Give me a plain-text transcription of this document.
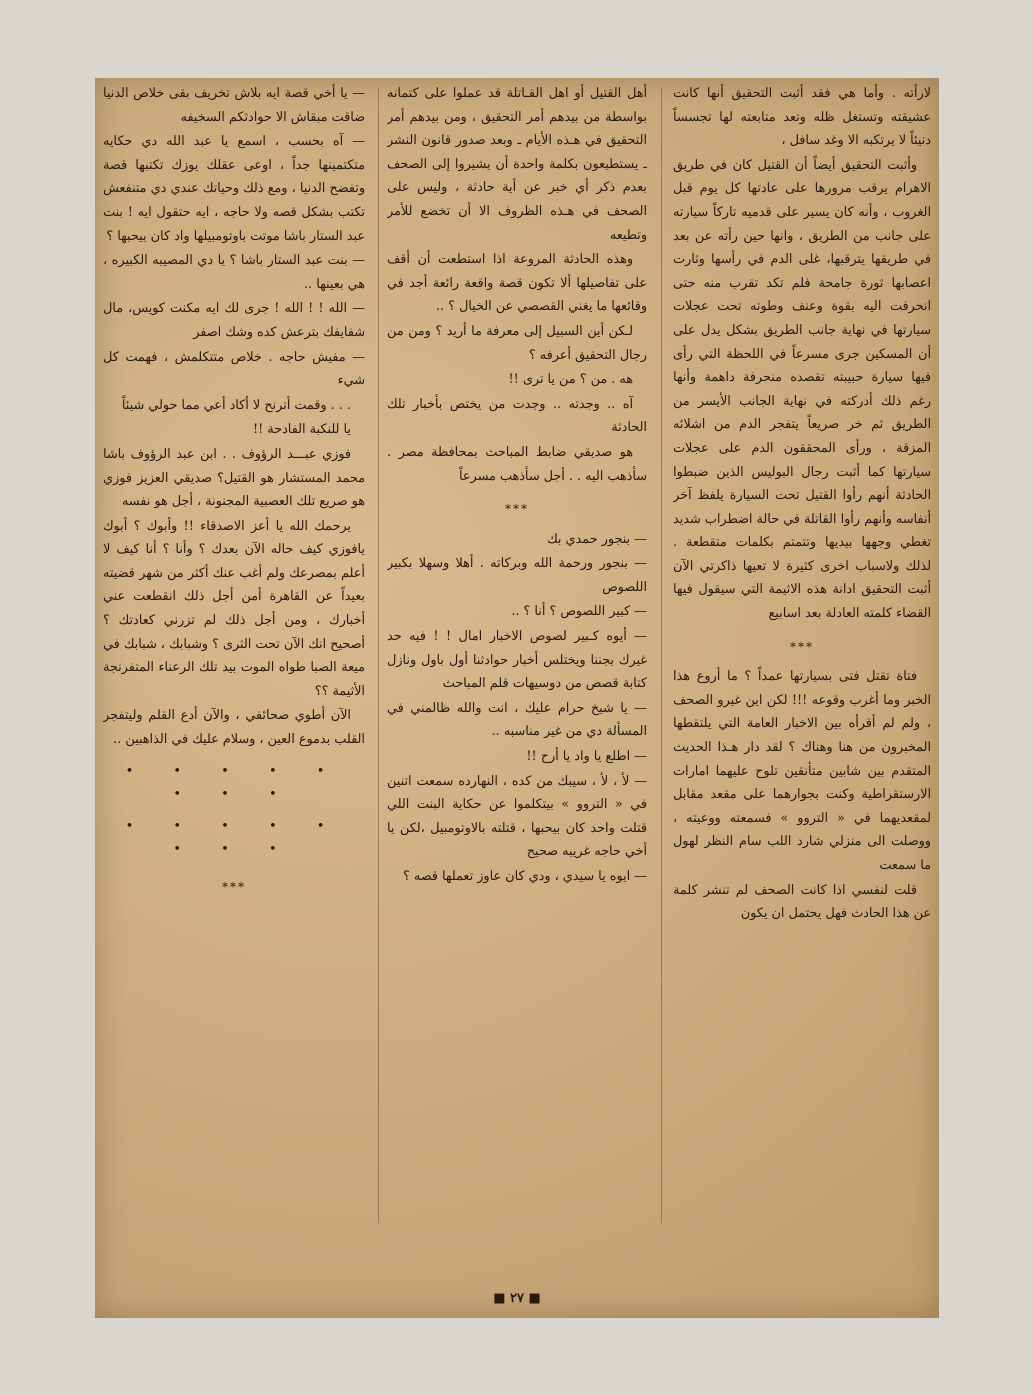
لارأته . وأما هي فقد أثبت التحقيق أنها كانت عشيقته وتستغل ظله وتعد متابعته لها تجسساً دنيئاً لا يرتكبه الا وغد سافل ،

وأثبت التحقيق أيضاً أن القتيل كان في طريق الاهرام يرقب مرورها على عادتها كل يوم قبل الغروب ، وأنه كان يسير على قدميه تاركاً سيارته على جانب من الطريق ، وانها حين رأته عن بعد في طريقها يترقبها، غلى الدم في رأسها وثارت اعصابها ثورة جامحة فلم تكد تقرب منه حتى انحرفت اليه بقوة وعنف وطوته تحت عجلات سيارتها في نهاية جانب الطريق بشكل يدل على أن المسكين جرى مسرعاً في اللحظة التي رأى فيها سيارة حبيبته تقصده منحرفة داهمة وأنها رغم ذلك أدركته في نهاية الجانب الأيسر من الطريق ثم خر صريعاً يتفجر الدم من اشلائه المزقة ، ورأى المحققون الدم على عجلات سيارتها كما أثبت رجال البوليس الذين ضبطوا الحادثة أنهم رأوا القتيل تحت السيارة يلفظ آخر أنفاسه وأنهم رأوا القاتلة في حالة اضطراب شديد تغطي وجهها بيديها وتتمتم بكلمات متقطعة . لذلك ولاسباب اخرى كثيرة لا تعيها ذاكرتي الآن أثبت التحقيق ادانة هذه الاثيمة التي سيقول فيها القضاء كلمته العادلة بعد اسابيع

***

فتاة تقتل فتى بسيارتها عمداً ؟ ما أروع هذا الخبر وما أغرب وقوعه !!! لكن اين غيرو الصحف ، ولم لم أقرأه بين الاخبار العامة التي يلتقطها المخبرون من هنا وهناك ؟ لقد دار هـذا الحديث المتقدم بين شابين متأنقين تلوح عليهما امارات الارستقراطية وكنت بجوارهما على مقعد مقابل لمقعديهما في « التروو » فسمعته ووعيته ، ووصلت الى منزلي شارد اللب سام النظر لهول ما سمعت

قلت لنفسي اذا كانت الصحف لم تنشر كلمة عن هذا الحادث فهل يحتمل ان يكون

أهل القتيل أو اهل القـاتلة قد عملوا على كتمانه بواسطة من بيدهم أمر التحقيق ، ومن بيدهم أمر التحقيق في هـذه الأيام ـ وبعد صدور قانون النشر ـ يستطيعون بكلمة واحدة أن يشيروا إلى الصحف بعدم ذكر أي خبر عن أية حادثة ، وليس على الصحف في هـذه الظروف الا أن تخضع للأمر وتطيعه

وهذه الحادثة المروعة اذا استطعت أن أقف على تفاصيلها ألا تكون قصة واقعة رائعة أجد في وقائعها ما يغني القصصي عن الخيال ؟ ..

لـكن أين السبيل إلى معرفة ما أريد ؟ ومن من رجال التحقيق أعرفه ؟

هه . من ؟ من يا ترى !!

آه .. وجدته .. وجدت من يختص بأخبار تلك الحادثة

هو صديقي ضابط المباحث بمحافظة مصر . سأذهب اليه . . أجل سأذهب مسرعاً

***

— بنجور حمدي بك

— بنجور ورحمة الله وبركاته . أهلا وسهلا بكبير اللصوص

— كبير اللصوص ؟ أنا ؟ ..

— أيوه كـبير لصوص الاخبار امال ! ! فيه حد غيرك بجننا ويختلس أخبار حوادثنا أول باول ونازل كتابة قصص من دوسيهات قلم المباحث

— يا شيخ حرام عليك ، انت والله ظالمني في المسألة دي من غير مناسبه ..

— اطلع يا واد يا أرح !!

— لأ ، لأ ، سيبك من كده ، النهارده سمعت اتنين في « التروو » بيتكلموا عن حكاية البنت اللي قتلت واحد كان بيحبها ، قتلته بالاوتومبيل ،لكن يا أخي حاجه غريبه صحيح

— ايوه يا سيدي ، ودي كان عاوز تعملها قصه ؟

— يا أخي قصة ايه بلاش تخريف بقى خلاص الدنيا ضاقت مبقاش الا حوادثكم السخيفه

— آه بحسب ، اسمع يا عبد الله دي حكايه متكتمينها جداً ، اوعى عقلك يوزك تكتبها قصة وتفضح الدنيا ، ومع ذلك وحياتك عندي دي متنفعش تكتب بشكل قصه ولا حاجه ، ايه حتقول ايه ! بنت عبد الستار باشا موتت باوتومبيلها واد كان بيحبها ؟

— بنت عبد الستار باشا ؟ يا دي المصيبه الكبيره ، هي بعينها ..

— الله ! ! الله ! جرى لك ايه مكنت كويس، مال شفايفك بترعش كده وشك اصفر

— مفيش حاجه . خلاص متتكلمش ، فهمت كل شيء

. . . وقمت أترنح لا أكاد أعي مما حولي شيئاً

يا للنكبة الفادحة !!

فوزي عبـــد الرؤوف . . ابن عبد الرؤوف باشا محمد المستشار هو القتيل؟ صديقي العزيز فوزي هو صريع تلك العصبية المجنونة ، أجل هو نفسه

يرحمك الله يا أعز الاصدقاء !! وأبوك ؟ أبوك يافوزي كيف حاله الآن بعدك ؟ وأنا ؟ أنا كيف لا أعلم بمصرعك ولم أغب عنك أكثر من شهر قضيته بعيداً عن القاهرة أمن أجل ذلك انقطعت عني أخبارك ، ومن أجل ذلك لم تزرني كعادتك ؟ أصحيح انك الآن تحت الثرى ؟ وشبابك ، شبابك في ميعة الصبا طواه الموت بيد تلك الرعناء المتفرنجة الأثيمة ؟؟

الآن أطوي صحائفي ، والآن أدع القلم وليتفجر القلب بدموع العين ، وسلام عليك في الذاهبين ..

• • • • • • • •
• • • • • • • •
***
■ ٢٧ ■
